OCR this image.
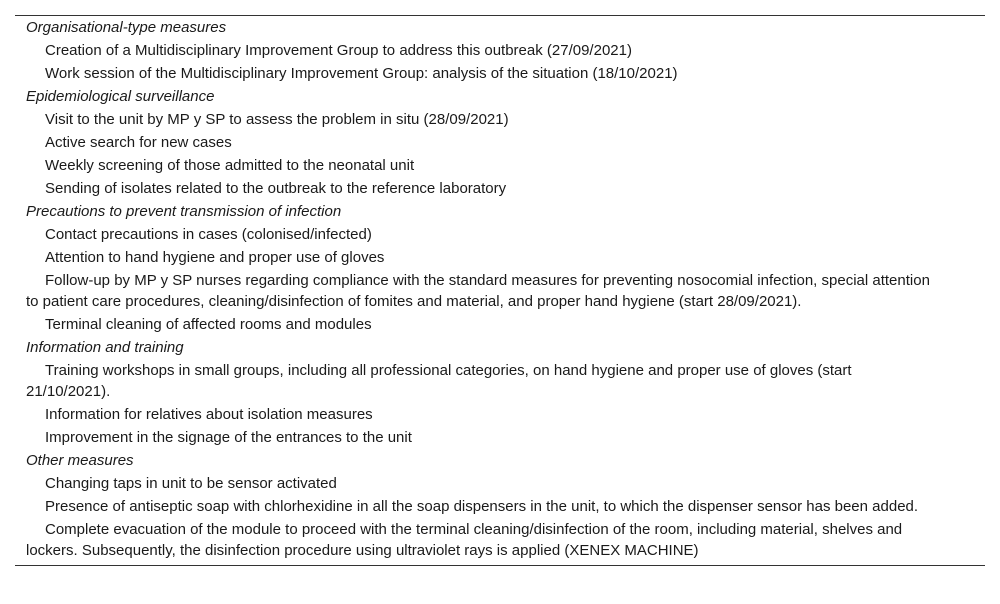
Organisational-type measures
Creation of a Multidisciplinary Improvement Group to address this outbreak (27/09/2021)
Work session of the Multidisciplinary Improvement Group: analysis of the situation (18/10/2021)
Epidemiological surveillance
Visit to the unit by MP y SP to assess the problem in situ (28/09/2021)
Active search for new cases
Weekly screening of those admitted to the neonatal unit
Sending of isolates related to the outbreak to the reference laboratory
Precautions to prevent transmission of infection
Contact precautions in cases (colonised/infected)
Attention to hand hygiene and proper use of gloves
Follow-up by MP y SP nurses regarding compliance with the standard measures for preventing nosocomial infection, special attention to patient care procedures, cleaning/disinfection of fomites and material, and proper hand hygiene (start 28/09/2021).
Terminal cleaning of affected rooms and modules
Information and training
Training workshops in small groups, including all professional categories, on hand hygiene and proper use of gloves (start 21/10/2021).
Information for relatives about isolation measures
Improvement in the signage of the entrances to the unit
Other measures
Changing taps in unit to be sensor activated
Presence of antiseptic soap with chlorhexidine in all the soap dispensers in the unit, to which the dispenser sensor has been added.
Complete evacuation of the module to proceed with the terminal cleaning/disinfection of the room, including material, shelves and lockers. Subsequently, the disinfection procedure using ultraviolet rays is applied (XENEX MACHINE)
